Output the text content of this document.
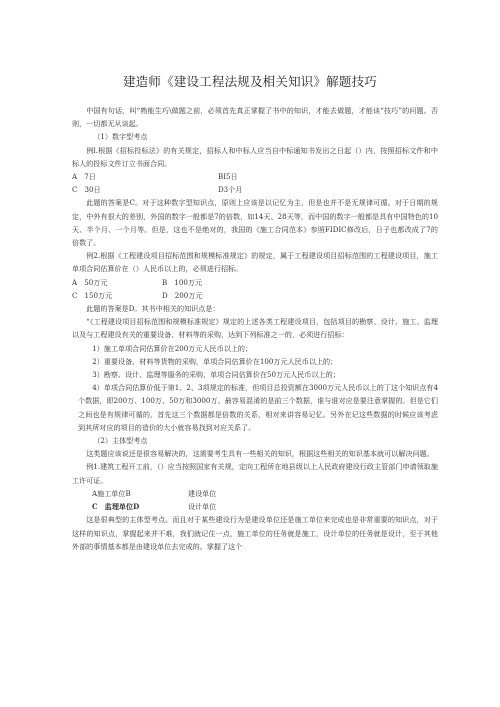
建造师《建设工程法规及相关知识》解题技巧

中国有句话，叫“熟能生巧\做题之前，必须首先真正掌握了书中的知识，才能去做题，才能谈“技巧”的问题。否则，一切都无从谈起。

（1）数字型考点

例l.根据《招标投标法》的有关规定，招标人和中标人应当自中标通知书发出之日起（）内，按照招标文件和中标人的投标文件订立书面合同。

A　7日	BI5日
C　30日	D3个月

此题的答案是C。对于这种数字型知识点，原则上应该是以记忆为主，但是也并不是无规律可循。对于日期的规定，中外有很大的差别，外国的数字一般都是7的倍数，如14天、28天等，而中国的数字一般都是具有中国特色的10天、半个月、一个月等。但是，这也不是绝对的，我国的《施工合同范本》参照FIDIC修改后，日子也都改成了7的倍数了。

例2.根据《工程建设项目招标范围和规模标准规定》的规定，属于工程建设项目招标范围的工程建设项目，施工单项合同估算价在（）人民币以上的，必须进行招标。

A　50万元	B　100万元
C　150万元	D　200万元

此题的答案是D。其书中相关的知识点是：

“《工程建设项目招标范围和规模标准规定》规定的上述各类工程建设项目，包括项目的勘察、设计、施工、监理以及与工程建设有关的重要设备、材料等的采购，达到下列标准之一的，必须进行招标：

1）施工单项合同估算价在200万元人民币以上的；

2）重要设备、材料等货物的采购，单项合同估算价在100万元人民币以上的；

3）勘察、设计、监理等服务的采购，单项合同估算价在50万元人民币以上的；

4）单项合同估算价低于第1、2、3项规定的标准，但项目总投资额在3000万元人民币以上的丁这个知识点有4个数据，即200万、100万、50万和3000万。最容易混淆的是前三个数据，谁与谁对应是要注意掌握的。但是它们之间也是有规律可循的，首先这三个数据都是倍数的关系，相对来讲容易记忆。另外在记这些数据的时候应该考虑到其所对应的项目的造价的大小就容易找到对应关系了。

（2）主体型考点

这类题应该说还是很容易解决的，这需要考生具有一些相关的知识，根据这些相关的知识基本就可以解决问题。

例1.建筑工程开工前，（）应当按照国家有关规，定向工程所在地县级以上人民政府建设行政主管部门申请领取施工许可证。

A施工单位B	建设单位
C　监理单位D	设计单位

这是很典型的主体型考点。而且对于某些建设行为是建设单位还是施工单位来完成也是非常重要的知识点，对于这样的知识点，掌握起来并不难，我们就记住一点，施工单位的任务就是施工，设计单位的任务就是设计，至于其他外部的事情基本都是由建设单位去完成的。掌握了这个
